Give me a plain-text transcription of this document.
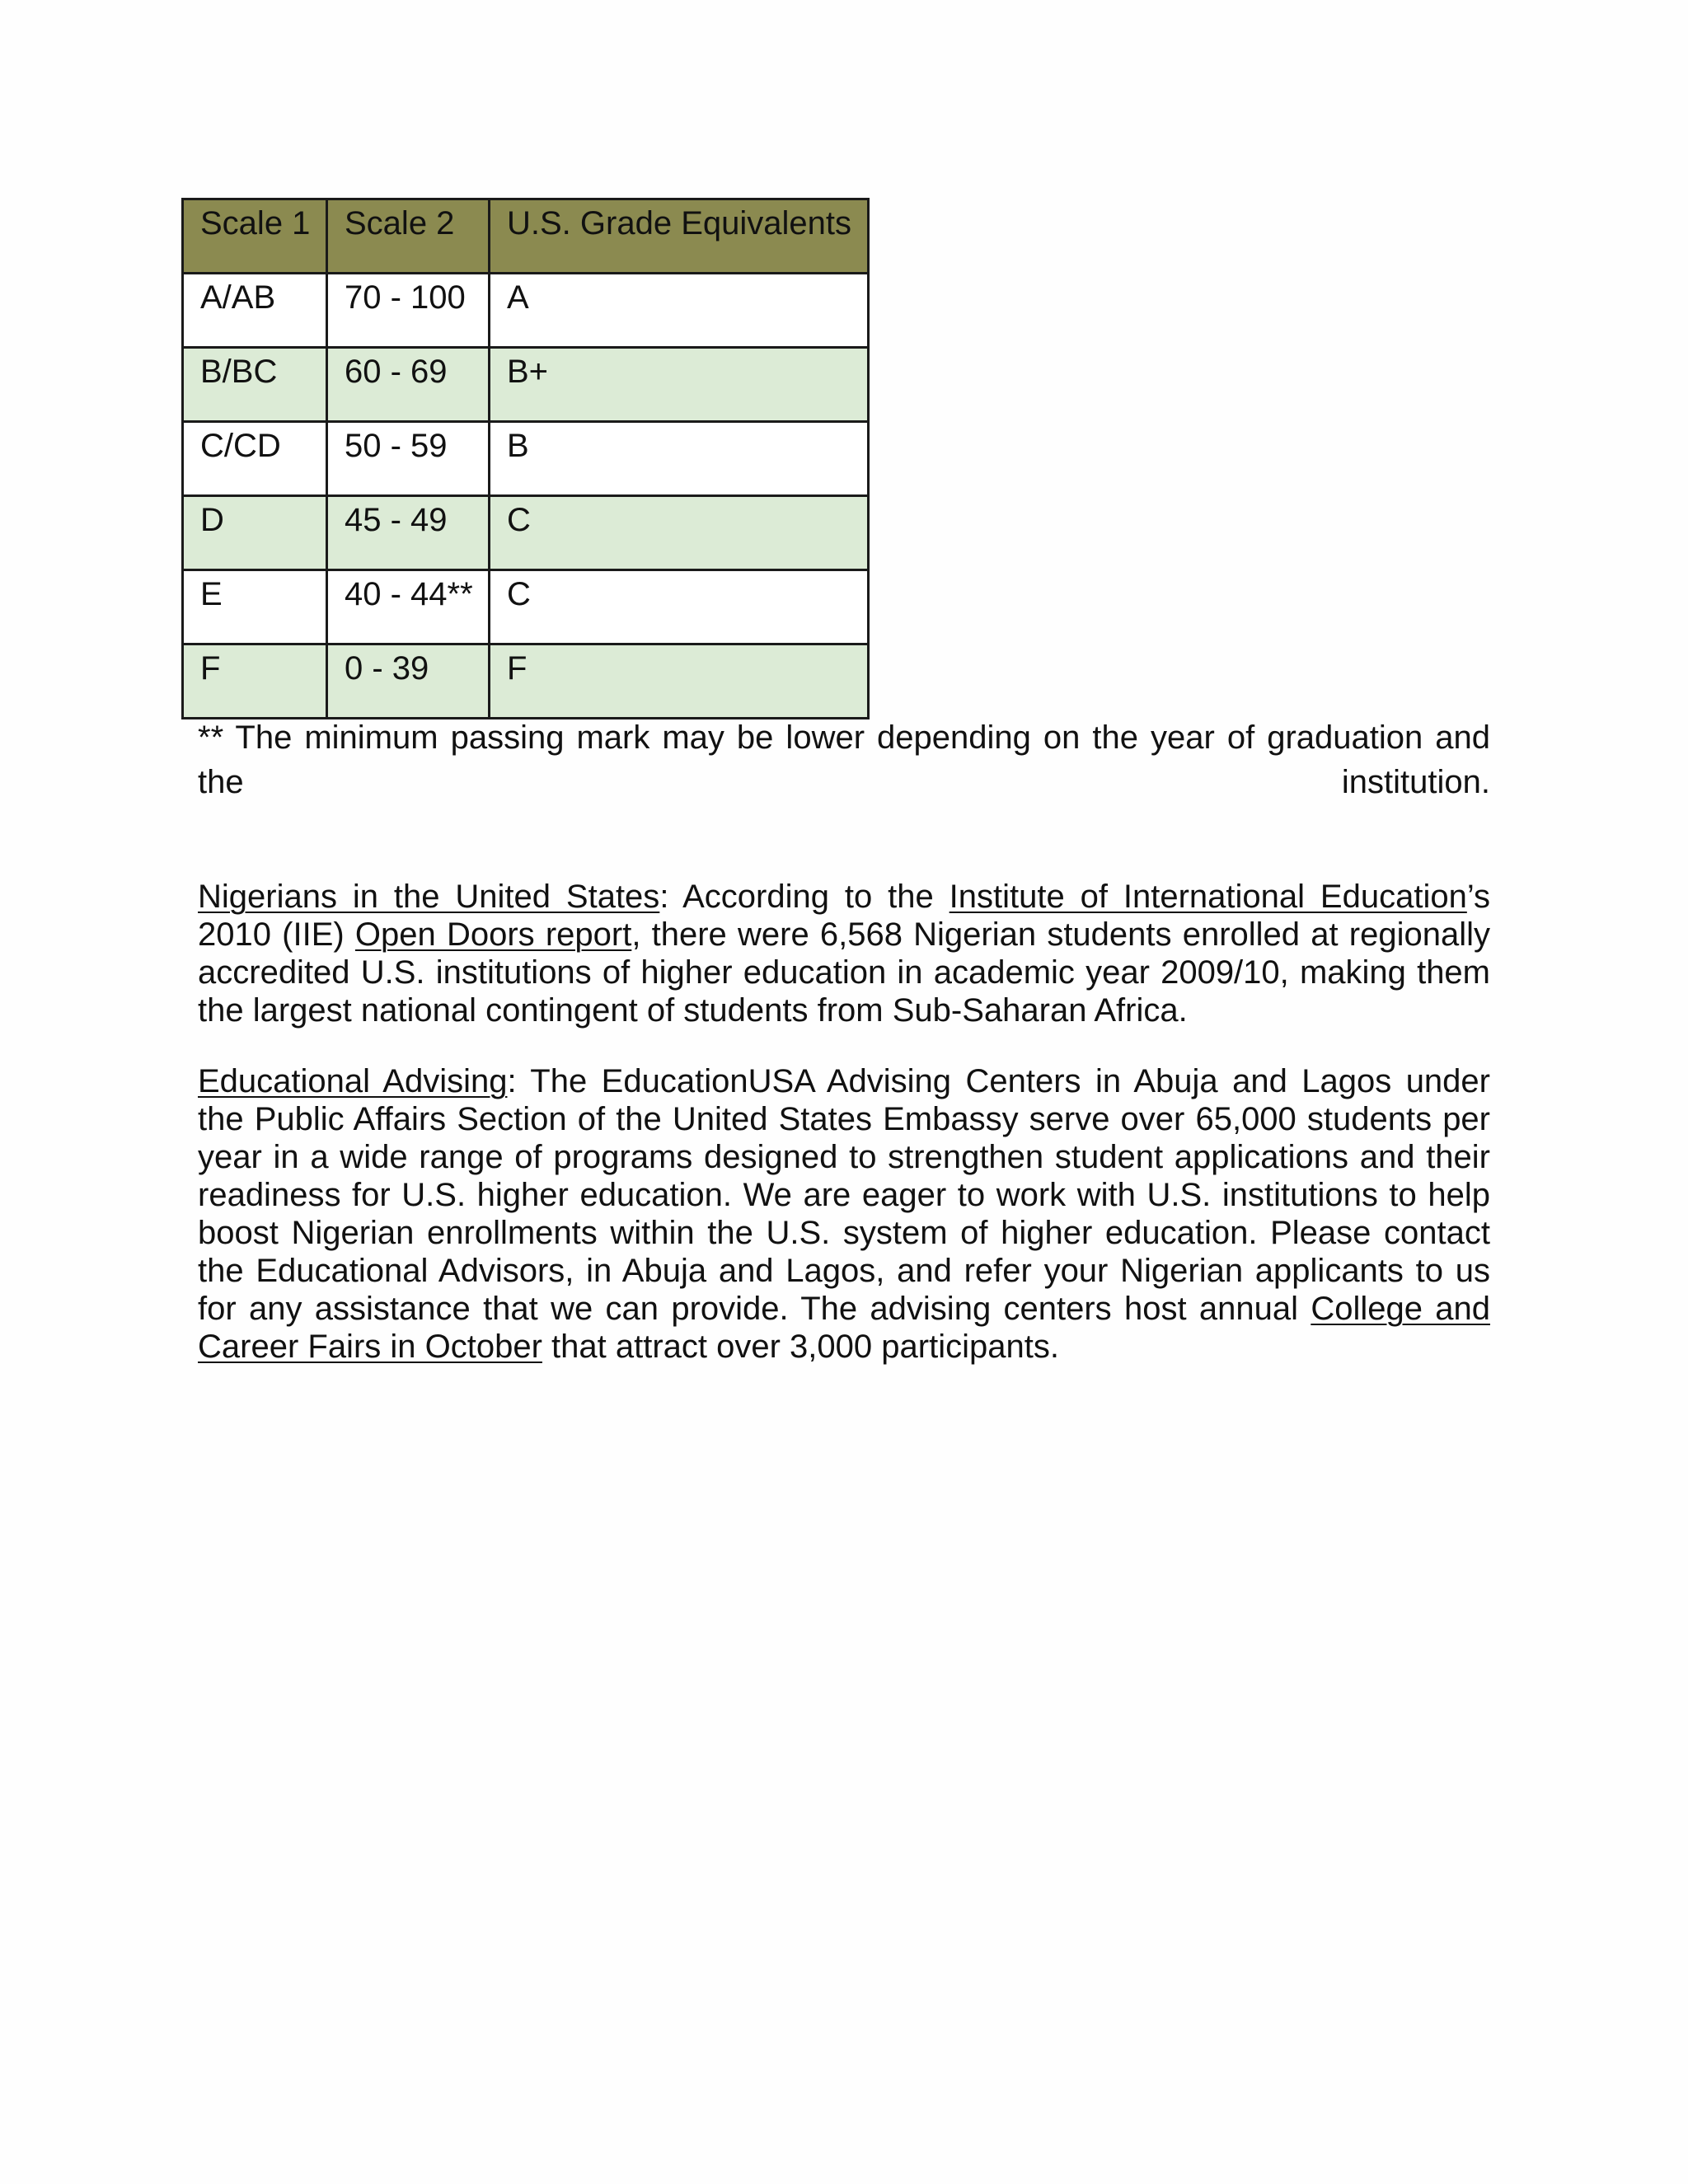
Scale 1	Scale 2	U.S. Grade Equivalents
A/AB	70 - 100	A
B/BC	60 - 69	B+
C/CD	50 - 59	B
D	45 - 49	C
E	40 - 44**	C
F	0 - 39	F
** The minimum passing mark may be lower depending on the year of graduation and the institution.

Nigerians in the United States: According to the Institute of International Education’s 2010 (IIE) Open Doors report, there were 6,568 Nigerian students enrolled at regionally accredited U.S. institutions of higher education in academic year 2009/10, making them the largest national contingent of students from Sub-Saharan Africa.

Educational Advising: The EducationUSA Advising Centers in Abuja and Lagos under the Public Affairs Section of the United States Embassy serve over 65,000 students per year in a wide range of programs designed to strengthen student applications and their readiness for U.S. higher education. We are eager to work with U.S. institutions to help boost Nigerian enrollments within the U.S. system of higher education. Please contact the Educational Advisors, in Abuja and Lagos, and refer your Nigerian applicants to us for any assistance that we can provide. The advising centers host annual College and Career Fairs in October that attract over 3,000 participants.
